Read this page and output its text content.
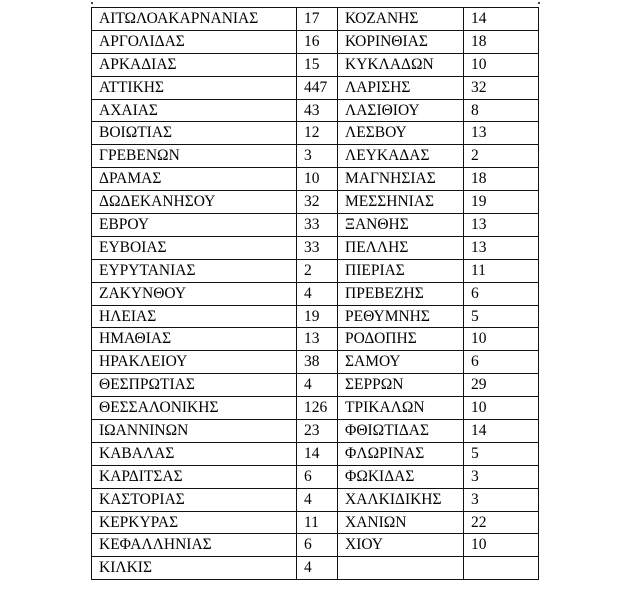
ΑΙΤΩΛΟΑΚΑΡΝΑΝΙΑΣ	17	ΚΟΖΑΝΗΣ	14
ΑΡΓΟΛΙΔΑΣ	16	ΚΟΡΙΝΘΙΑΣ	18
ΑΡΚΑΔΙΑΣ	15	ΚΥΚΛΑΔΩΝ	10
ΑΤΤΙΚΗΣ	447	ΛΑΡΙΣΗΣ	32
ΑΧΑΙΑΣ	43	ΛΑΣΙΘΙΟΥ	8
ΒΟΙΩΤΙΑΣ	12	ΛΕΣΒΟΥ	13
ΓΡΕΒΕΝΩΝ	3	ΛΕΥΚΑΔΑΣ	2
ΔΡΑΜΑΣ	10	ΜΑΓΝΗΣΙΑΣ	18
ΔΩΔΕΚΑΝΗΣΟΥ	32	ΜΕΣΣΗΝΙΑΣ	19
ΕΒΡΟΥ	33	ΞΑΝΘΗΣ	13
ΕΥΒΟΙΑΣ	33	ΠΕΛΛΗΣ	13
ΕΥΡΥΤΑΝΙΑΣ	2	ΠΙΕΡΙΑΣ	11
ΖΑΚΥΝΘΟΥ	4	ΠΡΕΒΕΖΗΣ	6
ΗΛΕΙΑΣ	19	ΡΕΘΥΜΝΗΣ	5
ΗΜΑΘΙΑΣ	13	ΡΟΔΟΠΗΣ	10
ΗΡΑΚΛΕΙΟΥ	38	ΣΑΜΟΥ	6
ΘΕΣΠΡΩΤΙΑΣ	4	ΣΕΡΡΩΝ	29
ΘΕΣΣΑΛΟΝΙΚΗΣ	126	ΤΡΙΚΑΛΩΝ	10
ΙΩΑΝΝΙΝΩΝ	23	ΦΘΙΩΤΙΔΑΣ	14
ΚΑΒΑΛΑΣ	14	ΦΛΩΡΙΝΑΣ	5
ΚΑΡΔΙΤΣΑΣ	6	ΦΩΚΙΔΑΣ	3
ΚΑΣΤΟΡΙΑΣ	4	ΧΑΛΚΙΔΙΚΗΣ	3
ΚΕΡΚΥΡΑΣ	11	ΧΑΝΙΩΝ	22
ΚΕΦΑΛΛΗΝΙΑΣ	6	ΧΙΟΥ	10
ΚΙΛΚΙΣ	4		
